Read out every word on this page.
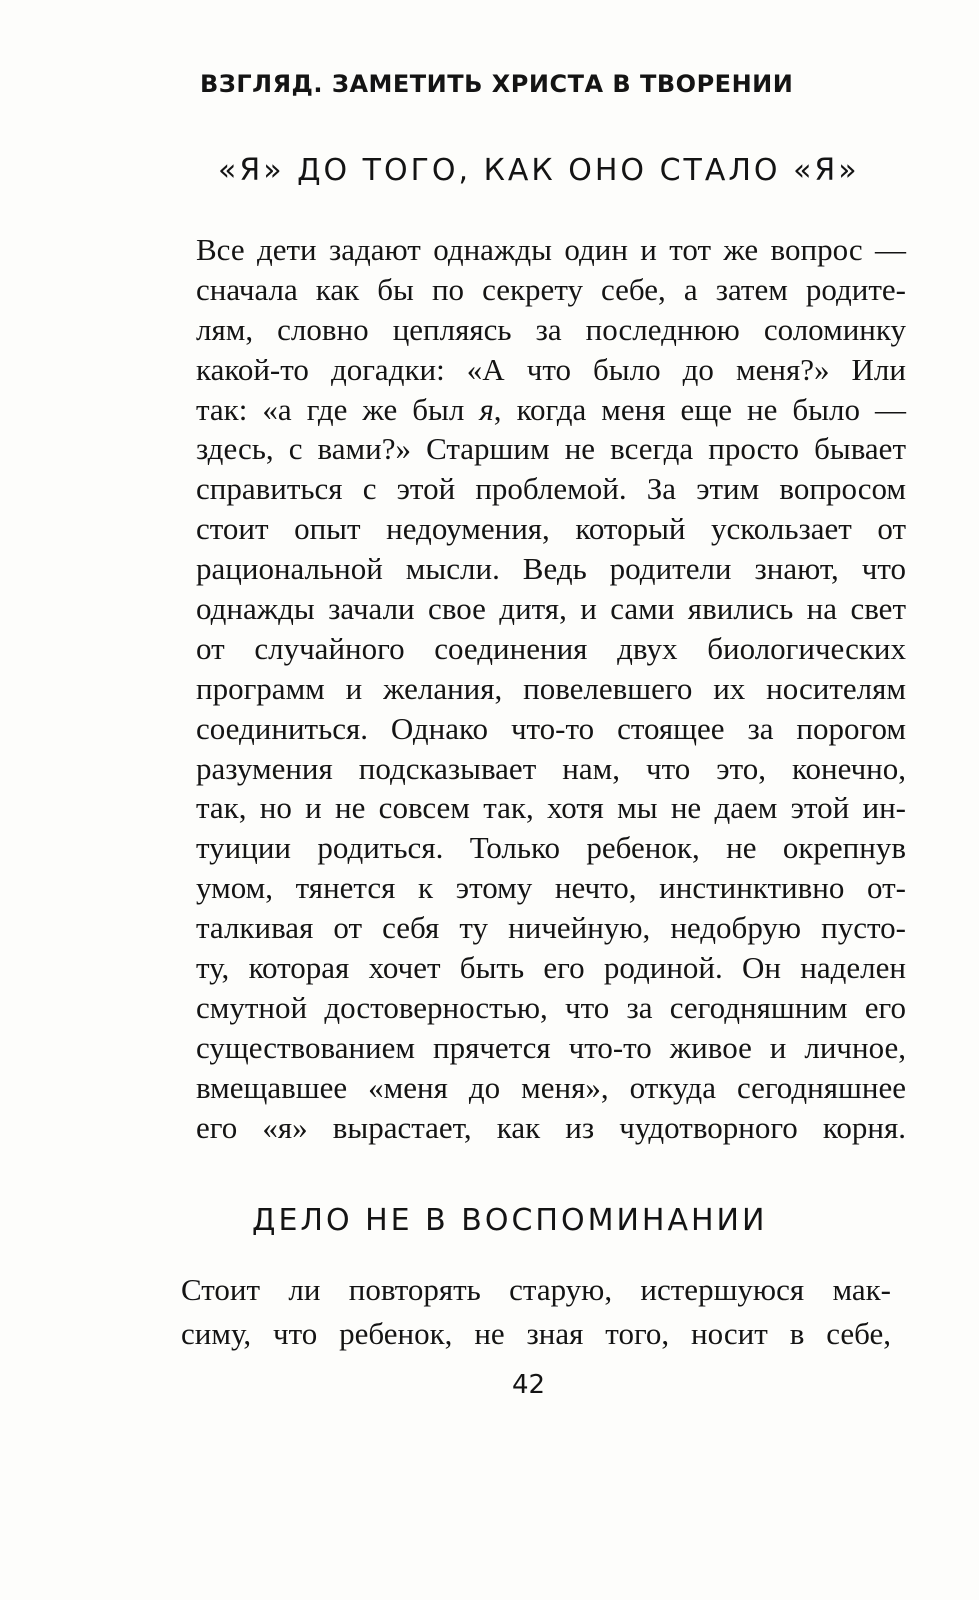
ВЗГЛЯД. ЗАМЕТИТЬ ХРИСТА В ТВОРЕНИИ
«Я» ДО ТОГО, КАК ОНО СТАЛО «Я»
Все дети задают однажды один и тот же вопрос —
сначала как бы по секрету себе, а затем родите-
лям, словно цепляясь за последнюю соломинку
какой-то догадки: «А что было до меня?» Или
так: «а где же был я, когда меня еще не было —
здесь, с вами?» Старшим не всегда просто бывает
справиться с этой проблемой. За этим вопросом
стоит опыт недоумения, который ускользает от
рациональной мысли. Ведь родители знают, что
однажды зачали свое дитя, и сами явились на свет
от случайного соединения двух биологических
программ и желания, повелевшего их носителям
соединиться. Однако что-то стоящее за порогом
разумения подсказывает нам, что это, конечно,
так, но и не совсем так, хотя мы не даем этой ин-
туиции родиться. Только ребенок, не окрепнув
умом, тянется к этому нечто, инстинктивно от-
талкивая от себя ту ничейную, недобрую пусто-
ту, которая хочет быть его родиной. Он наделен
смутной достоверностью, что за сегодняшним его
существованием прячется что-то живое и личное,
вмещавшее «меня до меня», откуда сегодняшнее
его «я» вырастает, как из чудотворного корня.
ДЕЛО НЕ В ВОСПОМИНАНИИ
Стоит ли повторять старую, истершуюся мак-
симу, что ребенок, не зная того, носит в себе,
42
